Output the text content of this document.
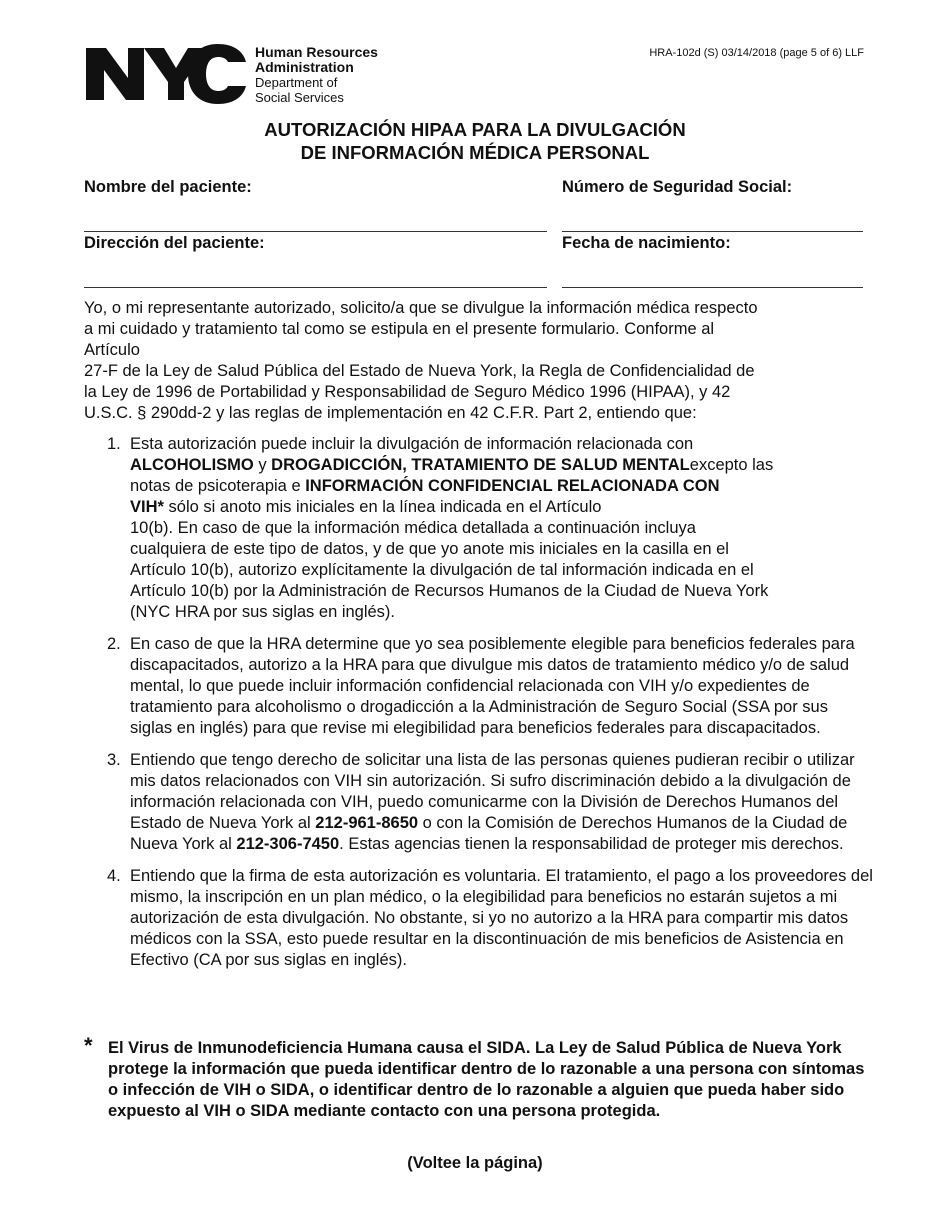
Human Resources
Administration
Department of
Social Services
HRA-102d (S) 03/14/2018 (page 5 of 6) LLF
AUTORIZACIÓN HIPAA PARA LA DIVULGACIÓN
DE INFORMACIÓN MÉDICA PERSONAL
Nombre del paciente:	Número de Seguridad Social:
Dirección del paciente:	Fecha de nacimiento:
Yo, o mi representante autorizado, solicito/a que se divulgue la información médica respecto
a mi cuidado y tratamiento tal como se estipula en el presente formulario. Conforme al
Artículo
27-F de la Ley de Salud Pública del Estado de Nueva York, la Regla de Confidencialidad de
la Ley de 1996 de Portabilidad y Responsabilidad de Seguro Médico 1996 (HIPAA), y 42
U.S.C. § 290dd-2 y las reglas de implementación en 42 C.F.R. Part 2, entiendo que:
1. Esta autorización puede incluir la divulgación de información relacionada con
ALCOHOLISMO y DROGADICCIÓN, TRATAMIENTO DE SALUD MENTALexcepto las
notas de psicoterapia e INFORMACIÓN CONFIDENCIAL RELACIONADA CON
VIH* sólo si anoto mis iniciales en la línea indicada en el Artículo
10(b). En caso de que la información médica detallada a continuación incluya
cualquiera de este tipo de datos, y de que yo anote mis iniciales en la casilla en el
Artículo 10(b), autorizo explícitamente la divulgación de tal información indicada en el
Artículo 10(b) por la Administración de Recursos Humanos de la Ciudad de Nueva York
(NYC HRA por sus siglas en inglés).
2. En caso de que la HRA determine que yo sea posiblemente elegible para beneficios federales para discapacitados, autorizo a la HRA para que divulgue mis datos de tratamiento médico y/o de salud mental, lo que puede incluir información confidencial relacionada con VIH y/o expedientes de tratamiento para alcoholismo o drogadicción a la Administración de Seguro Social (SSA por sus siglas en inglés) para que revise mi elegibilidad para beneficios federales para discapacitados.
3. Entiendo que tengo derecho de solicitar una lista de las personas quienes pudieran recibir o utilizar mis datos relacionados con VIH sin autorización. Si sufro discriminación debido a la divulgación de información relacionada con VIH, puedo comunicarme con la División de Derechos Humanos del Estado de Nueva York al 212-961-8650 o con la Comisión de Derechos Humanos de la Ciudad de Nueva York al 212-306-7450. Estas agencias tienen la responsabilidad de proteger mis derechos.
4. Entiendo que la firma de esta autorización es voluntaria. El tratamiento, el pago a los proveedores del mismo, la inscripción en un plan médico, o la elegibilidad para beneficios no estarán sujetos a mi autorización de esta divulgación. No obstante, si yo no autorizo a la HRA para compartir mis datos médicos con la SSA, esto puede resultar en la discontinuación de mis beneficios de Asistencia en Efectivo (CA por sus siglas en inglés).
* El Virus de Inmunodeficiencia Humana causa el SIDA. La Ley de Salud Pública de Nueva York protege la información que pueda identificar dentro de lo razonable a una persona con síntomas o infección de VIH o SIDA, o identificar dentro de lo razonable a alguien que pueda haber sido expuesto al VIH o SIDA mediante contacto con una persona protegida.
(Voltee la página)
